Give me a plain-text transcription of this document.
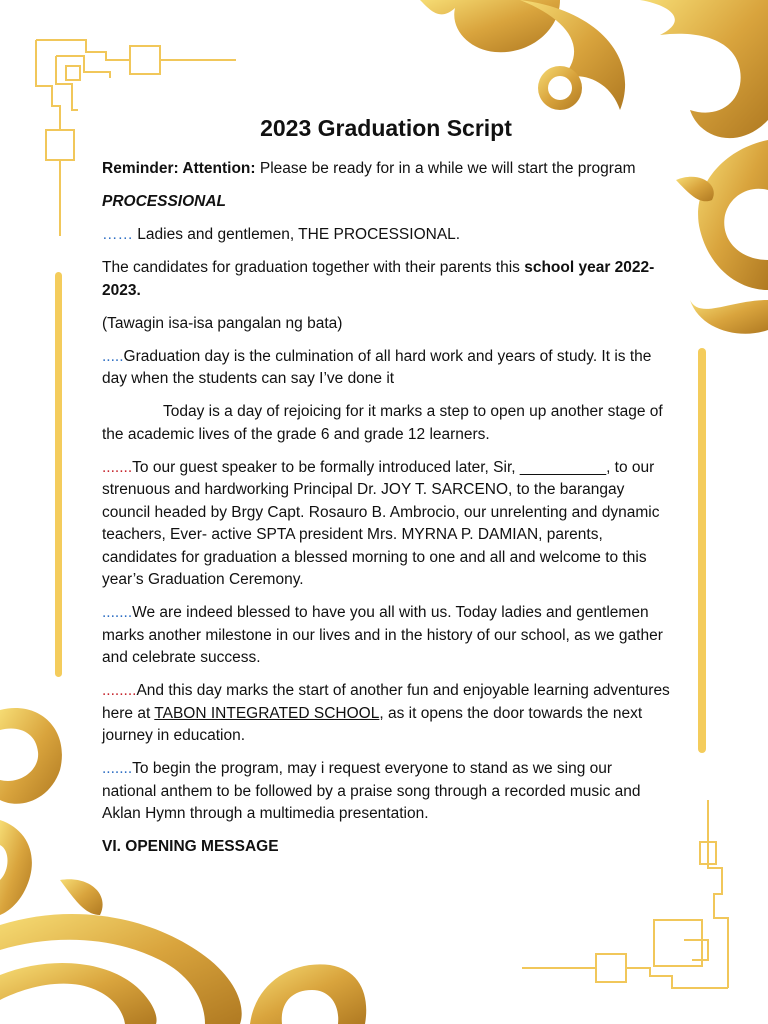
2023 Graduation Script

Reminder: Attention: Please be ready for in a while we will start the program

PROCESSIONAL

…… Ladies and gentlemen, THE PROCESSIONAL.

The candidates for graduation together with their parents this school year 2022-2023.

(Tawagin isa-isa pangalan ng bata)

.....Graduation day is the culmination of all hard work and years of study. It is the day when the students can say I’ve done it

Today is a day of rejoicing for it marks a step to open up another stage of the academic lives of the grade 6 and grade 12 learners.

.......To our guest speaker to be formally introduced later, Sir, __________, to our strenuous and hardworking Principal Dr. JOY T. SARCENO, to the barangay council headed by Brgy Capt. Rosauro B. Ambrocio, our unrelenting and dynamic teachers, Ever- active SPTA president Mrs. MYRNA P. DAMIAN, parents, candidates for graduation a blessed morning to one and all and welcome to this year’s Graduation Ceremony.

.......We are indeed blessed to have you all with us. Today ladies and gentlemen marks another milestone in our lives and in the history of our school, as we gather and celebrate success.

........And this day marks the start of another fun and enjoyable learning adventures here at TABON INTEGRATED SCHOOL, as it opens the door towards the next journey in education.

.......To begin the program, may i request everyone to stand as we sing our national anthem to be followed by a praise song through a recorded music and Aklan Hymn through a multimedia presentation.

VI. OPENING MESSAGE
